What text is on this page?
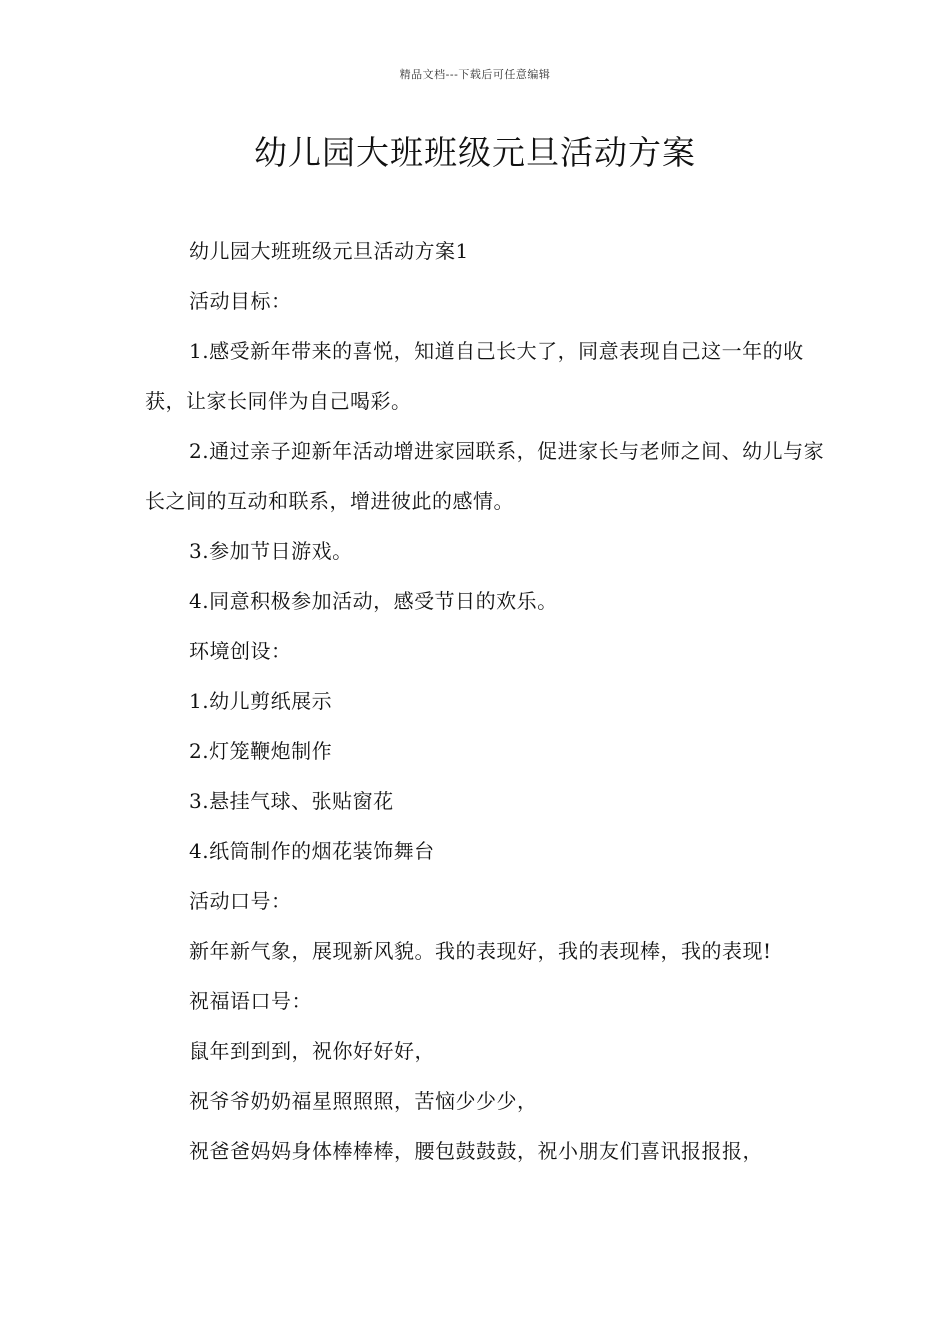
精品文档---下载后可任意编辑
幼儿园大班班级元旦活动方案

幼儿园大班班级元旦活动方案1

活动目标：

1.感受新年带来的喜悦，知道自己长大了，同意表现自己这一年的收获，让家长同伴为自己喝彩。

2.通过亲子迎新年活动增进家园联系，促进家长与老师之间、幼儿与家长之间的互动和联系，增进彼此的感情。

3.参加节日游戏。

4.同意积极参加活动，感受节日的欢乐。

环境创设：

1.幼儿剪纸展示

2.灯笼鞭炮制作

3.悬挂气球、张贴窗花

4.纸筒制作的烟花装饰舞台

活动口号：

新年新气象，展现新风貌。我的表现好，我的表现棒，我的表现!

祝福语口号：

鼠年到到到，祝你好好好，

祝爷爷奶奶福星照照照，苦恼少少少，

祝爸爸妈妈身体棒棒棒，腰包鼓鼓鼓，祝小朋友们喜讯报报报，
